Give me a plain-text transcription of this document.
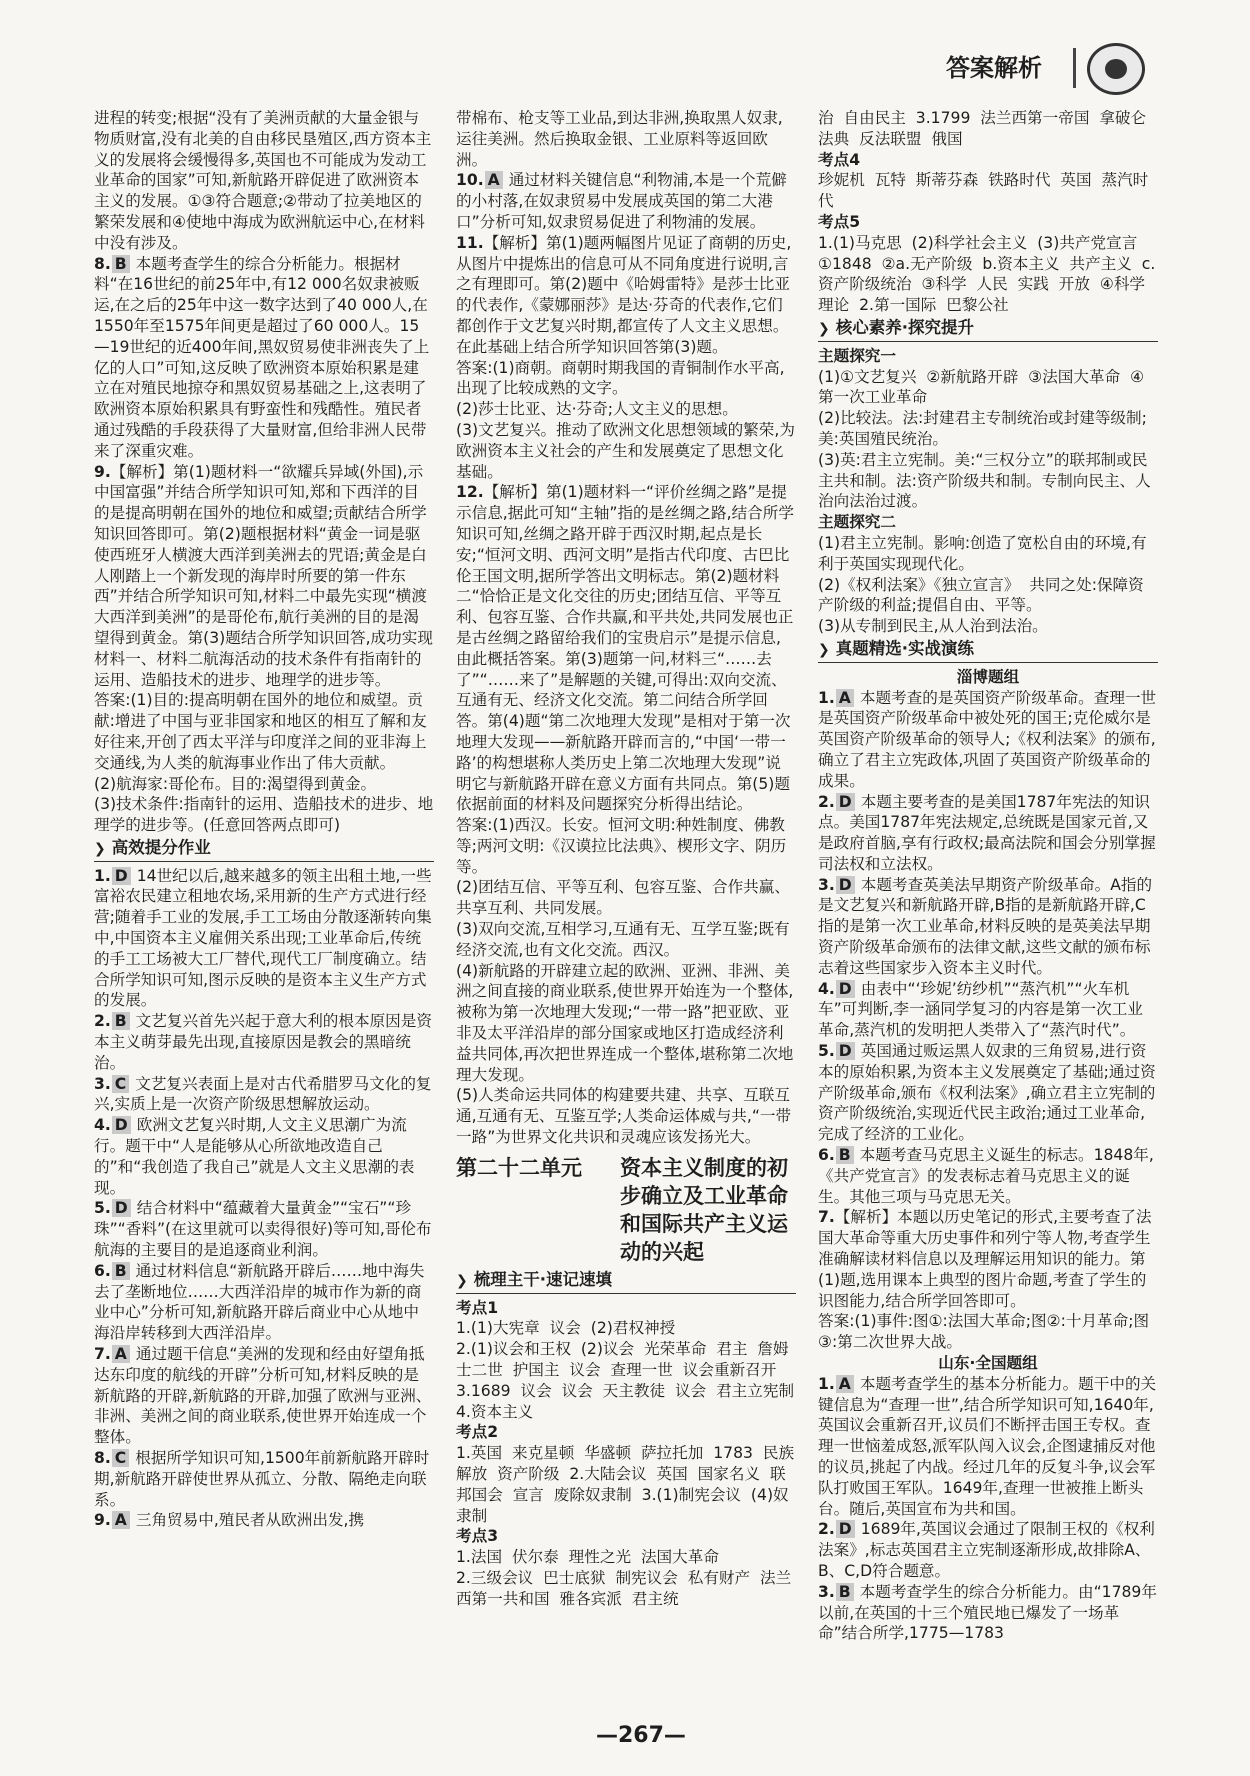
答案解析

进程的转变;根据“没有了美洲贡献的大量金银与物质财富,没有北美的自由移民垦殖区,西方资本主义的发展将会缓慢得多,英国也不可能成为发动工业革命的国家”可知,新航路开辟促进了欧洲资本主义的发展。①③符合题意;②带动了拉美地区的繁荣发展和④使地中海成为欧洲航运中心,在材料中没有涉及。

8. B 本题考查学生的综合分析能力。根据材料“在16世纪的前25年中,有12 000名奴隶被贩运,在之后的25年中这一数字达到了40 000人,在1550年至1575年间更是超过了60 000人。15—19世纪的近400年间,黑奴贸易使非洲丧失了上亿的人口”可知,这反映了欧洲资本原始积累是建立在对殖民地掠夺和黑奴贸易基础之上,这表明了欧洲资本原始积累具有野蛮性和残酷性。殖民者通过残酷的手段获得了大量财富,但给非洲人民带来了深重灾难。

9.【解析】第(1)题材料一“欲耀兵异域(外国),示中国富强”并结合所学知识可知,郑和下西洋的目的是提高明朝在国外的地位和威望;贡献结合所学知识回答即可。第(2)题根据材料“黄金一词是驱使西班牙人横渡大西洋到美洲去的咒语;黄金是白人刚踏上一个新发现的海岸时所要的第一件东西”并结合所学知识可知,材料二中最先实现“横渡大西洋到美洲”的是哥伦布,航行美洲的目的是渴望得到黄金。第(3)题结合所学知识回答,成功实现材料一、材料二航海活动的技术条件有指南针的运用、造船技术的进步、地理学的进步等。

答案:(1)目的:提高明朝在国外的地位和威望。贡献:增进了中国与亚非国家和地区的相互了解和友好往来,开创了西太平洋与印度洋之间的亚非海上交通线,为人类的航海事业作出了伟大贡献。

(2)航海家:哥伦布。目的:渴望得到黄金。

(3)技术条件:指南针的运用、造船技术的进步、地理学的进步等。(任意回答两点即可)

❯ 高效提分作业

1. D 14世纪以后,越来越多的领主出租土地,一些富裕农民建立租地农场,采用新的生产方式进行经营;随着手工业的发展,手工工场由分散逐渐转向集中,中国资本主义雇佣关系出现;工业革命后,传统的手工工场被大工厂替代,现代工厂制度确立。结合所学知识可知,图示反映的是资本主义生产方式的发展。

2. B 文艺复兴首先兴起于意大利的根本原因是资本主义萌芽最先出现,直接原因是教会的黑暗统治。

3. C 文艺复兴表面上是对古代希腊罗马文化的复兴,实质上是一次资产阶级思想解放运动。

4. D 欧洲文艺复兴时期,人文主义思潮广为流行。题干中“人是能够从心所欲地改造自己的”和“我创造了我自己”就是人文主义思潮的表现。

5. D 结合材料中“蕴藏着大量黄金”“宝石”“珍珠”“香料”(在这里就可以卖得很好)等可知,哥伦布航海的主要目的是追逐商业利润。

6. B 通过材料信息“新航路开辟后……地中海失去了垄断地位……大西洋沿岸的城市作为新的商业中心”分析可知,新航路开辟后商业中心从地中海沿岸转移到大西洋沿岸。

7. A 通过题干信息“美洲的发现和经由好望角抵达东印度的航线的开辟”分析可知,材料反映的是新航路的开辟,新航路的开辟,加强了欧洲与亚洲、非洲、美洲之间的商业联系,使世界开始连成一个整体。

8. C 根据所学知识可知,1500年前新航路开辟时期,新航路开辟使世界从孤立、分散、隔绝走向联系。

9. A 三角贸易中,殖民者从欧洲出发,携

带棉布、枪支等工业品,到达非洲,换取黑人奴隶,运往美洲。然后换取金银、工业原料等返回欧洲。

10. A 通过材料关键信息“利物浦,本是一个荒僻的小村落,在奴隶贸易中发展成英国的第二大港口”分析可知,奴隶贸易促进了利物浦的发展。

11.【解析】第(1)题两幅图片见证了商朝的历史,从图片中提炼出的信息可从不同角度进行说明,言之有理即可。第(2)题中《哈姆雷特》是莎士比亚的代表作,《蒙娜丽莎》是达·芬奇的代表作,它们都创作于文艺复兴时期,都宣传了人文主义思想。在此基础上结合所学知识回答第(3)题。

答案:(1)商朝。商朝时期我国的青铜制作水平高,出现了比较成熟的文字。

(2)莎士比亚、达·芬奇;人文主义的思想。

(3)文艺复兴。推动了欧洲文化思想领域的繁荣,为欧洲资本主义社会的产生和发展奠定了思想文化基础。

12.【解析】第(1)题材料一“评价丝绸之路”是提示信息,据此可知“主轴”指的是丝绸之路,结合所学知识可知,丝绸之路开辟于西汉时期,起点是长安;“恒河文明、西河文明”是指古代印度、古巴比伦王国文明,据所学答出文明标志。第(2)题材料二“恰恰正是文化交往的历史;团结互信、平等互利、包容互鉴、合作共赢,和平共处,共同发展也正是古丝绸之路留给我们的宝贵启示”是提示信息,由此概括答案。第(3)题第一问,材料三“……去了”“……来了”是解题的关键,可得出:双向交流、互通有无、经济文化交流。第二问结合所学回答。第(4)题“第二次地理大发现”是相对于第一次地理大发现——新航路开辟而言的,“中国‘一带一路’的构想堪称人类历史上第二次地理大发现”说明它与新航路开辟在意义方面有共同点。第(5)题依据前面的材料及问题探究分析得出结论。

答案:(1)西汉。长安。恒河文明:种姓制度、佛教等;两河文明:《汉谟拉比法典》、楔形文字、阴历等。

(2)团结互信、平等互利、包容互鉴、合作共赢、共享互利、共同发展。

(3)双向交流,互相学习,互通有无、互学互鉴;既有经济交流,也有文化交流。西汉。

(4)新航路的开辟建立起的欧洲、亚洲、非洲、美洲之间直接的商业联系,使世界开始连为一个整体,被称为第一次地理大发现;“一带一路”把亚欧、亚非及太平洋沿岸的部分国家或地区打造成经济利益共同体,再次把世界连成一个整体,堪称第二次地理大发现。

(5)人类命运共同体的构建要共建、共享、互联互通,互通有无、互鉴互学;人类命运体威与共,“一带一路”为世界文化共识和灵魂应该发扬光大。

第二十二单元	资本主义制度的初步确立及工业革命和国际共产主义运动的兴起
❯ 梳理主干·速记速填

考点1

1.(1)大宪章  议会  (2)君权神授

2.(1)议会和王权  (2)议会  光荣革命  君主  詹姆士二世  护国主  议会  查理一世  议会重新召开  3.1689  议会  议会  天主教徒  议会  君主立宪制  4.资本主义

考点2

1.英国  来克星顿  华盛顿  萨拉托加  1783  民族解放  资产阶级  2.大陆会议  英国  国家名义  联邦国会  宣言  废除奴隶制  3.(1)制宪会议  (4)奴隶制

考点3

1.法国  伏尔泰  理性之光  法国大革命

2.三级会议  巴士底狱  制宪议会  私有财产  法兰西第一共和国  雅各宾派  君主统

治  自由民主  3.1799  法兰西第一帝国  拿破仑法典  反法联盟  俄国

考点4

珍妮机  瓦特  斯蒂芬森  铁路时代  英国  蒸汽时代

考点5

1.(1)马克思  (2)科学社会主义  (3)共产党宣言  ①1848  ②a.无产阶级  b.资本主义  共产主义  c.资产阶级统治  ③科学  人民  实践  开放  ④科学理论  2.第一国际  巴黎公社

❯ 核心素养·探究提升

主题探究一

(1)①文艺复兴  ②新航路开辟  ③法国大革命  ④第一次工业革命

(2)比较法。法:封建君主专制统治或封建等级制;美:英国殖民统治。

(3)英:君主立宪制。美:“三权分立”的联邦制或民主共和制。法:资产阶级共和制。专制向民主、人治向法治过渡。

主题探究二

(1)君主立宪制。影响:创造了宽松自由的环境,有利于英国实现现代化。

(2)《权利法案》《独立宣言》  共同之处:保障资产阶级的利益;提倡自由、平等。

(3)从专制到民主,从人治到法治。

❯ 真题精选·实战演练

淄博题组

1. A 本题考查的是英国资产阶级革命。查理一世是英国资产阶级革命中被处死的国王;克伦威尔是英国资产阶级革命的领导人;《权利法案》的颁布,确立了君主立宪政体,巩固了英国资产阶级革命的成果。

2. D 本题主要考查的是美国1787年宪法的知识点。美国1787年宪法规定,总统既是国家元首,又是政府首脑,享有行政权;最高法院和国会分别掌握司法权和立法权。

3. D 本题考查英美法早期资产阶级革命。A指的是文艺复兴和新航路开辟,B指的是新航路开辟,C指的是第一次工业革命,材料反映的是英美法早期资产阶级革命颁布的法律文献,这些文献的颁布标志着这些国家步入资本主义时代。

4. D 由表中“‘珍妮’纺纱机”“蒸汽机”“火车机车”可判断,李一涵同学复习的内容是第一次工业革命,蒸汽机的发明把人类带入了“蒸汽时代”。

5. D 英国通过贩运黑人奴隶的三角贸易,进行资本的原始积累,为资本主义发展奠定了基础;通过资产阶级革命,颁布《权利法案》,确立君主立宪制的资产阶级统治,实现近代民主政治;通过工业革命,完成了经济的工业化。

6. B 本题考查马克思主义诞生的标志。1848年,《共产党宣言》的发表标志着马克思主义的诞生。其他三项与马克思无关。

7.【解析】本题以历史笔记的形式,主要考查了法国大革命等重大历史事件和列宁等人物,考查学生准确解读材料信息以及理解运用知识的能力。第(1)题,选用课本上典型的图片命题,考查了学生的识图能力,结合所学回答即可。

答案:(1)事件:图①:法国大革命;图②:十月革命;图③:第二次世界大战。

山东·全国题组

1. A 本题考查学生的基本分析能力。题干中的关键信息为“查理一世”,结合所学知识可知,1640年,英国议会重新召开,议员们不断抨击国王专权。查理一世恼羞成怒,派军队闯入议会,企图逮捕反对他的议员,挑起了内战。经过几年的反复斗争,议会军队打败国王军队。1649年,查理一世被推上断头台。随后,英国宣布为共和国。

2. D 1689年,英国议会通过了限制王权的《权利法案》,标志英国君主立宪制逐渐形成,故排除A、B、C,D符合题意。

3. B 本题考查学生的综合分析能力。由“1789年以前,在英国的十三个殖民地已爆发了一场革命”结合所学,1775—1783

—267—
